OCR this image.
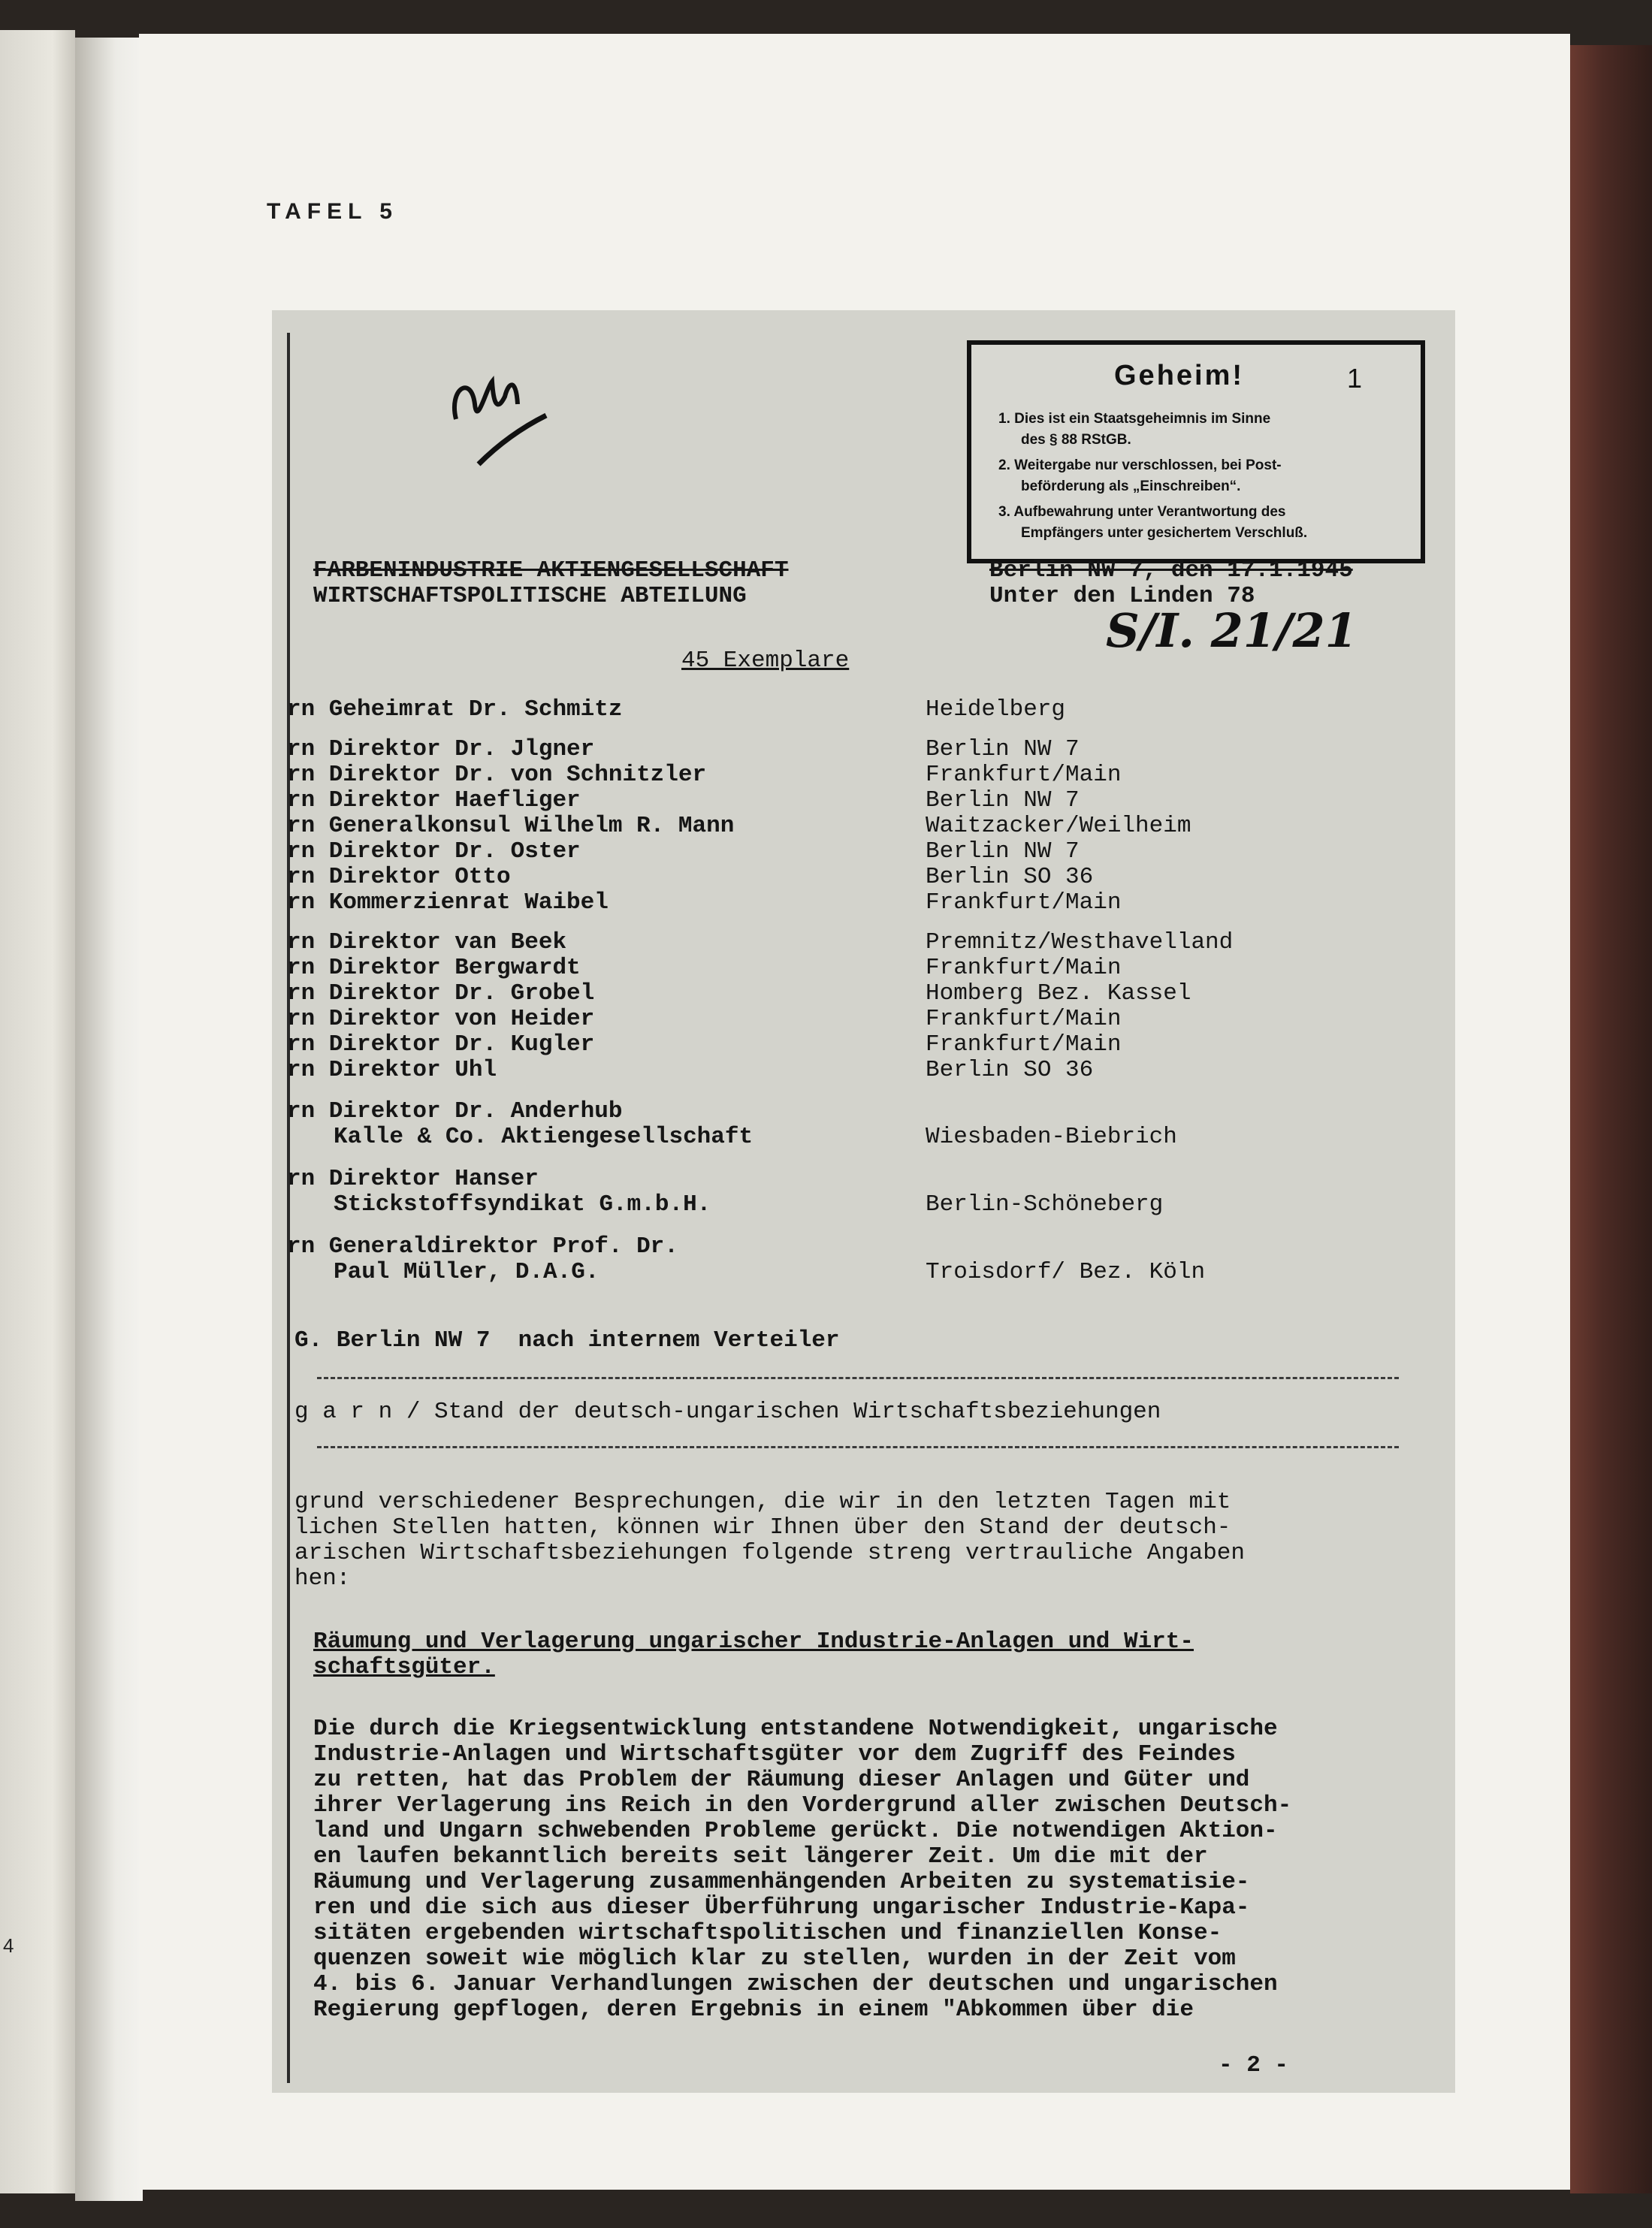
4
TAFEL 5
Geheim!	1
1. Dies ist ein Staatsgeheimnis im Sinne
des § 88 RStGB.
2. Weitergabe nur verschlossen, bei Post-
beförderung als „Einschreiben“.
3. Aufbewahrung unter Verantwortung des
Empfängers unter gesichertem Verschluß.
FARBENINDUSTRIE AKTIENGESELLSCHAFT
WIRTSCHAFTSPOLITISCHE ABTEILUNG
Berlin NW 7, den 17.1.1945
Unter den Linden 78
S/I. 21/21
45 Exemplare
rn Geheimrat Dr. Schmitz	Heidelberg
rn Direktor Dr. Jlgner	Berlin NW 7
rn Direktor Dr. von Schnitzler	Frankfurt/Main
rn Direktor Haefliger	Berlin NW 7
rn Generalkonsul Wilhelm R. Mann	Waitzacker/Weilheim
rn Direktor Dr. Oster	Berlin NW 7
rn Direktor Otto	Berlin SO 36
rn Kommerzienrat Waibel	Frankfurt/Main
rn Direktor van Beek	Premnitz/Westhavelland
rn Direktor Bergwardt	Frankfurt/Main
rn Direktor Dr. Grobel	Homberg Bez. Kassel
rn Direktor von Heider	Frankfurt/Main
rn Direktor Dr. Kugler	Frankfurt/Main
rn Direktor Uhl	Berlin SO 36
rn Direktor Dr. Anderhub
Kalle & Co. Aktiengesellschaft	Wiesbaden-Biebrich
rn Direktor Hanser
Stickstoffsyndikat G.m.b.H.	Berlin-Schöneberg
rn Generaldirektor Prof. Dr.
Paul Müller, D.A.G.	Troisdorf/ Bez. Köln
G. Berlin NW 7  nach internem Verteiler
g a r n / Stand der deutsch-ungarischen Wirtschaftsbeziehungen
grund verschiedener Besprechungen, die wir in den letzten Tagen mit
lichen Stellen hatten, können wir Ihnen über den Stand der deutsch-
arischen Wirtschaftsbeziehungen folgende streng vertrauliche Angaben
hen:
Räumung und Verlagerung ungarischer Industrie-Anlagen und Wirt-
schaftsgüter.
Die durch die Kriegsentwicklung entstandene Notwendigkeit, ungarische
Industrie-Anlagen und Wirtschaftsgüter vor dem Zugriff des Feindes
zu retten, hat das Problem der Räumung dieser Anlagen und Güter und
ihrer Verlagerung ins Reich in den Vordergrund aller zwischen Deutsch-
land und Ungarn schwebenden Probleme gerückt. Die notwendigen Aktion-
en laufen bekanntlich bereits seit längerer Zeit. Um die mit der
Räumung und Verlagerung zusammenhängenden Arbeiten zu systematisie-
ren und die sich aus dieser Überführung ungarischer Industrie-Kapa-
sitäten ergebenden wirtschaftspolitischen und finanziellen Konse-
quenzen soweit wie möglich klar zu stellen, wurden in der Zeit vom
4. bis 6. Januar Verhandlungen zwischen der deutschen und ungarischen
Regierung gepflogen, deren Ergebnis in einem "Abkommen über die
- 2 -
